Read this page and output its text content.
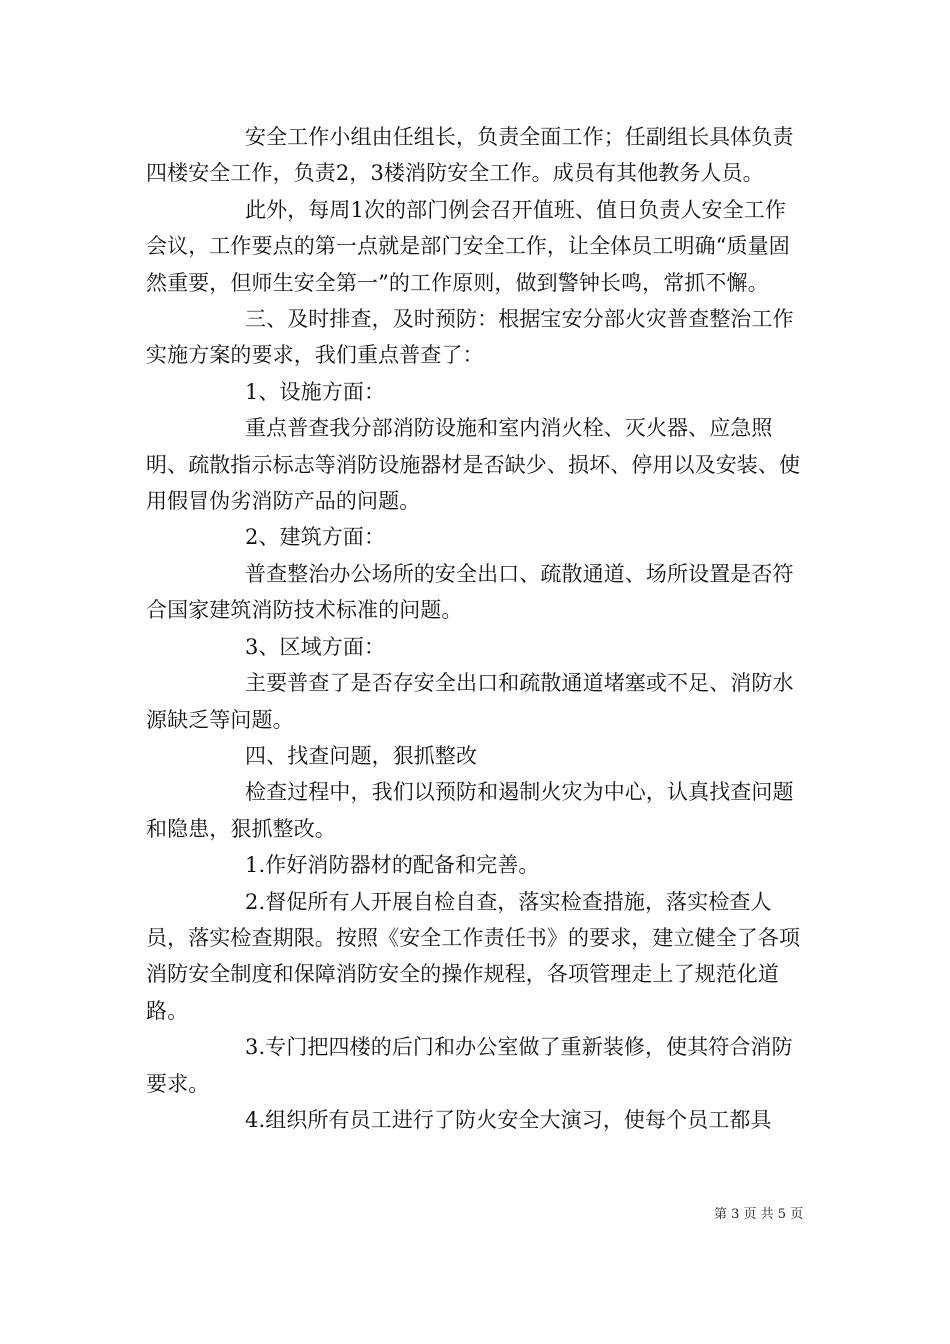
安全工作小组由任组长，负责全面工作；任副组长具体负责四楼安全工作，负责2，3楼消防安全工作。成员有其他教务人员。

此外，每周1次的部门例会召开值班、值日负责人安全工作会议，工作要点的第一点就是部门安全工作，让全体员工明确“质量固然重要，但师生安全第一”的工作原则，做到警钟长鸣，常抓不懈。

三、及时排查，及时预防：根据宝安分部火灾普查整治工作实施方案的要求，我们重点普查了：

1、设施方面：

重点普查我分部消防设施和室内消火栓、灭火器、应急照明、疏散指示标志等消防设施器材是否缺少、损坏、停用以及安装、使用假冒伪劣消防产品的问题。

2、建筑方面：

普查整治办公场所的安全出口、疏散通道、场所设置是否符合国家建筑消防技术标准的问题。

3、区域方面：

主要普查了是否存安全出口和疏散通道堵塞或不足、消防水源缺乏等问题。

四、找查问题，狠抓整改

检查过程中，我们以预防和遏制火灾为中心，认真找查问题和隐患，狠抓整改。

1.作好消防器材的配备和完善。

2.督促所有人开展自检自查，落实检查措施，落实检查人员，落实检查期限。按照《安全工作责任书》的要求，建立健全了各项消防安全制度和保障消防安全的操作规程，各项管理走上了规范化道路。

3.专门把四楼的后门和办公室做了重新装修，使其符合消防要求。

4.组织所有员工进行了防火安全大演习，使每个员工都具

第 3 页 共 5 页
